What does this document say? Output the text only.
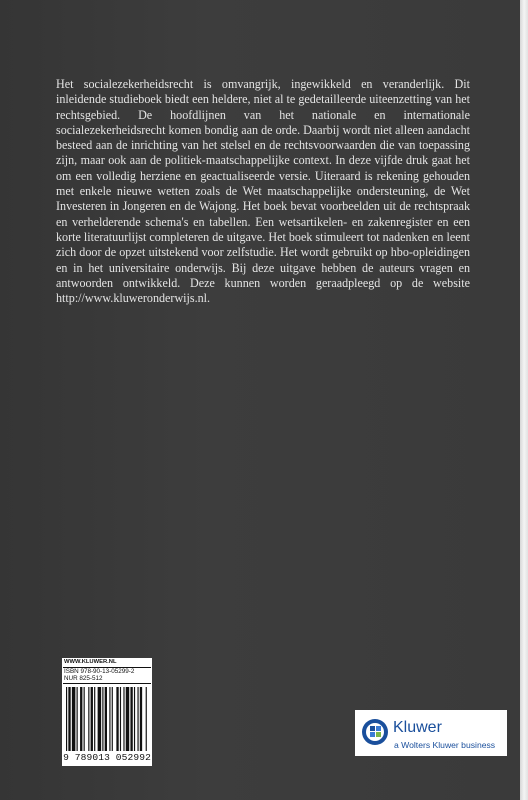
Het socialezekerheidsrecht is omvangrijk, ingewikkeld en veranderlijk. Dit inleidende studieboek biedt een heldere, niet al te gedetailleerde uiteenzetting van het rechtsgebied. De hoofdlijnen van het nationale en internationale socialezekerheidsrecht komen bondig aan de orde. Daarbij wordt niet alleen aandacht besteed aan de inrichting van het stelsel en de rechtsvoorwaarden die van toepassing zijn, maar ook aan de politiek-maatschappelijke context. In deze vijfde druk gaat het om een volledig herziene en geactualiseerde versie. Uiteraard is rekening gehouden met enkele nieuwe wetten zoals de Wet maatschappelijke ondersteuning, de Wet Investeren in Jongeren en de Wajong. Het boek bevat voorbeelden uit de rechtspraak en verhelderende schema's en tabellen. Een wetsartikelen- en zakenregister en een korte literatuurlijst completeren de uitgave. Het boek stimuleert tot nadenken en leent zich door de opzet uitstekend voor zelfstudie. Het wordt gebruikt op hbo-opleidingen en in het universitaire onderwijs. Bij deze uitgave hebben de auteurs vragen en antwoorden ontwikkeld. Deze kunnen worden geraadpleegd op de website http://www.kluweronderwijs.nl.

WWW.KLUWER.NL
ISBN 978-90-13-05299-2
NUR 825-512
9 789013 052992
Kluwer
a Wolters Kluwer business
